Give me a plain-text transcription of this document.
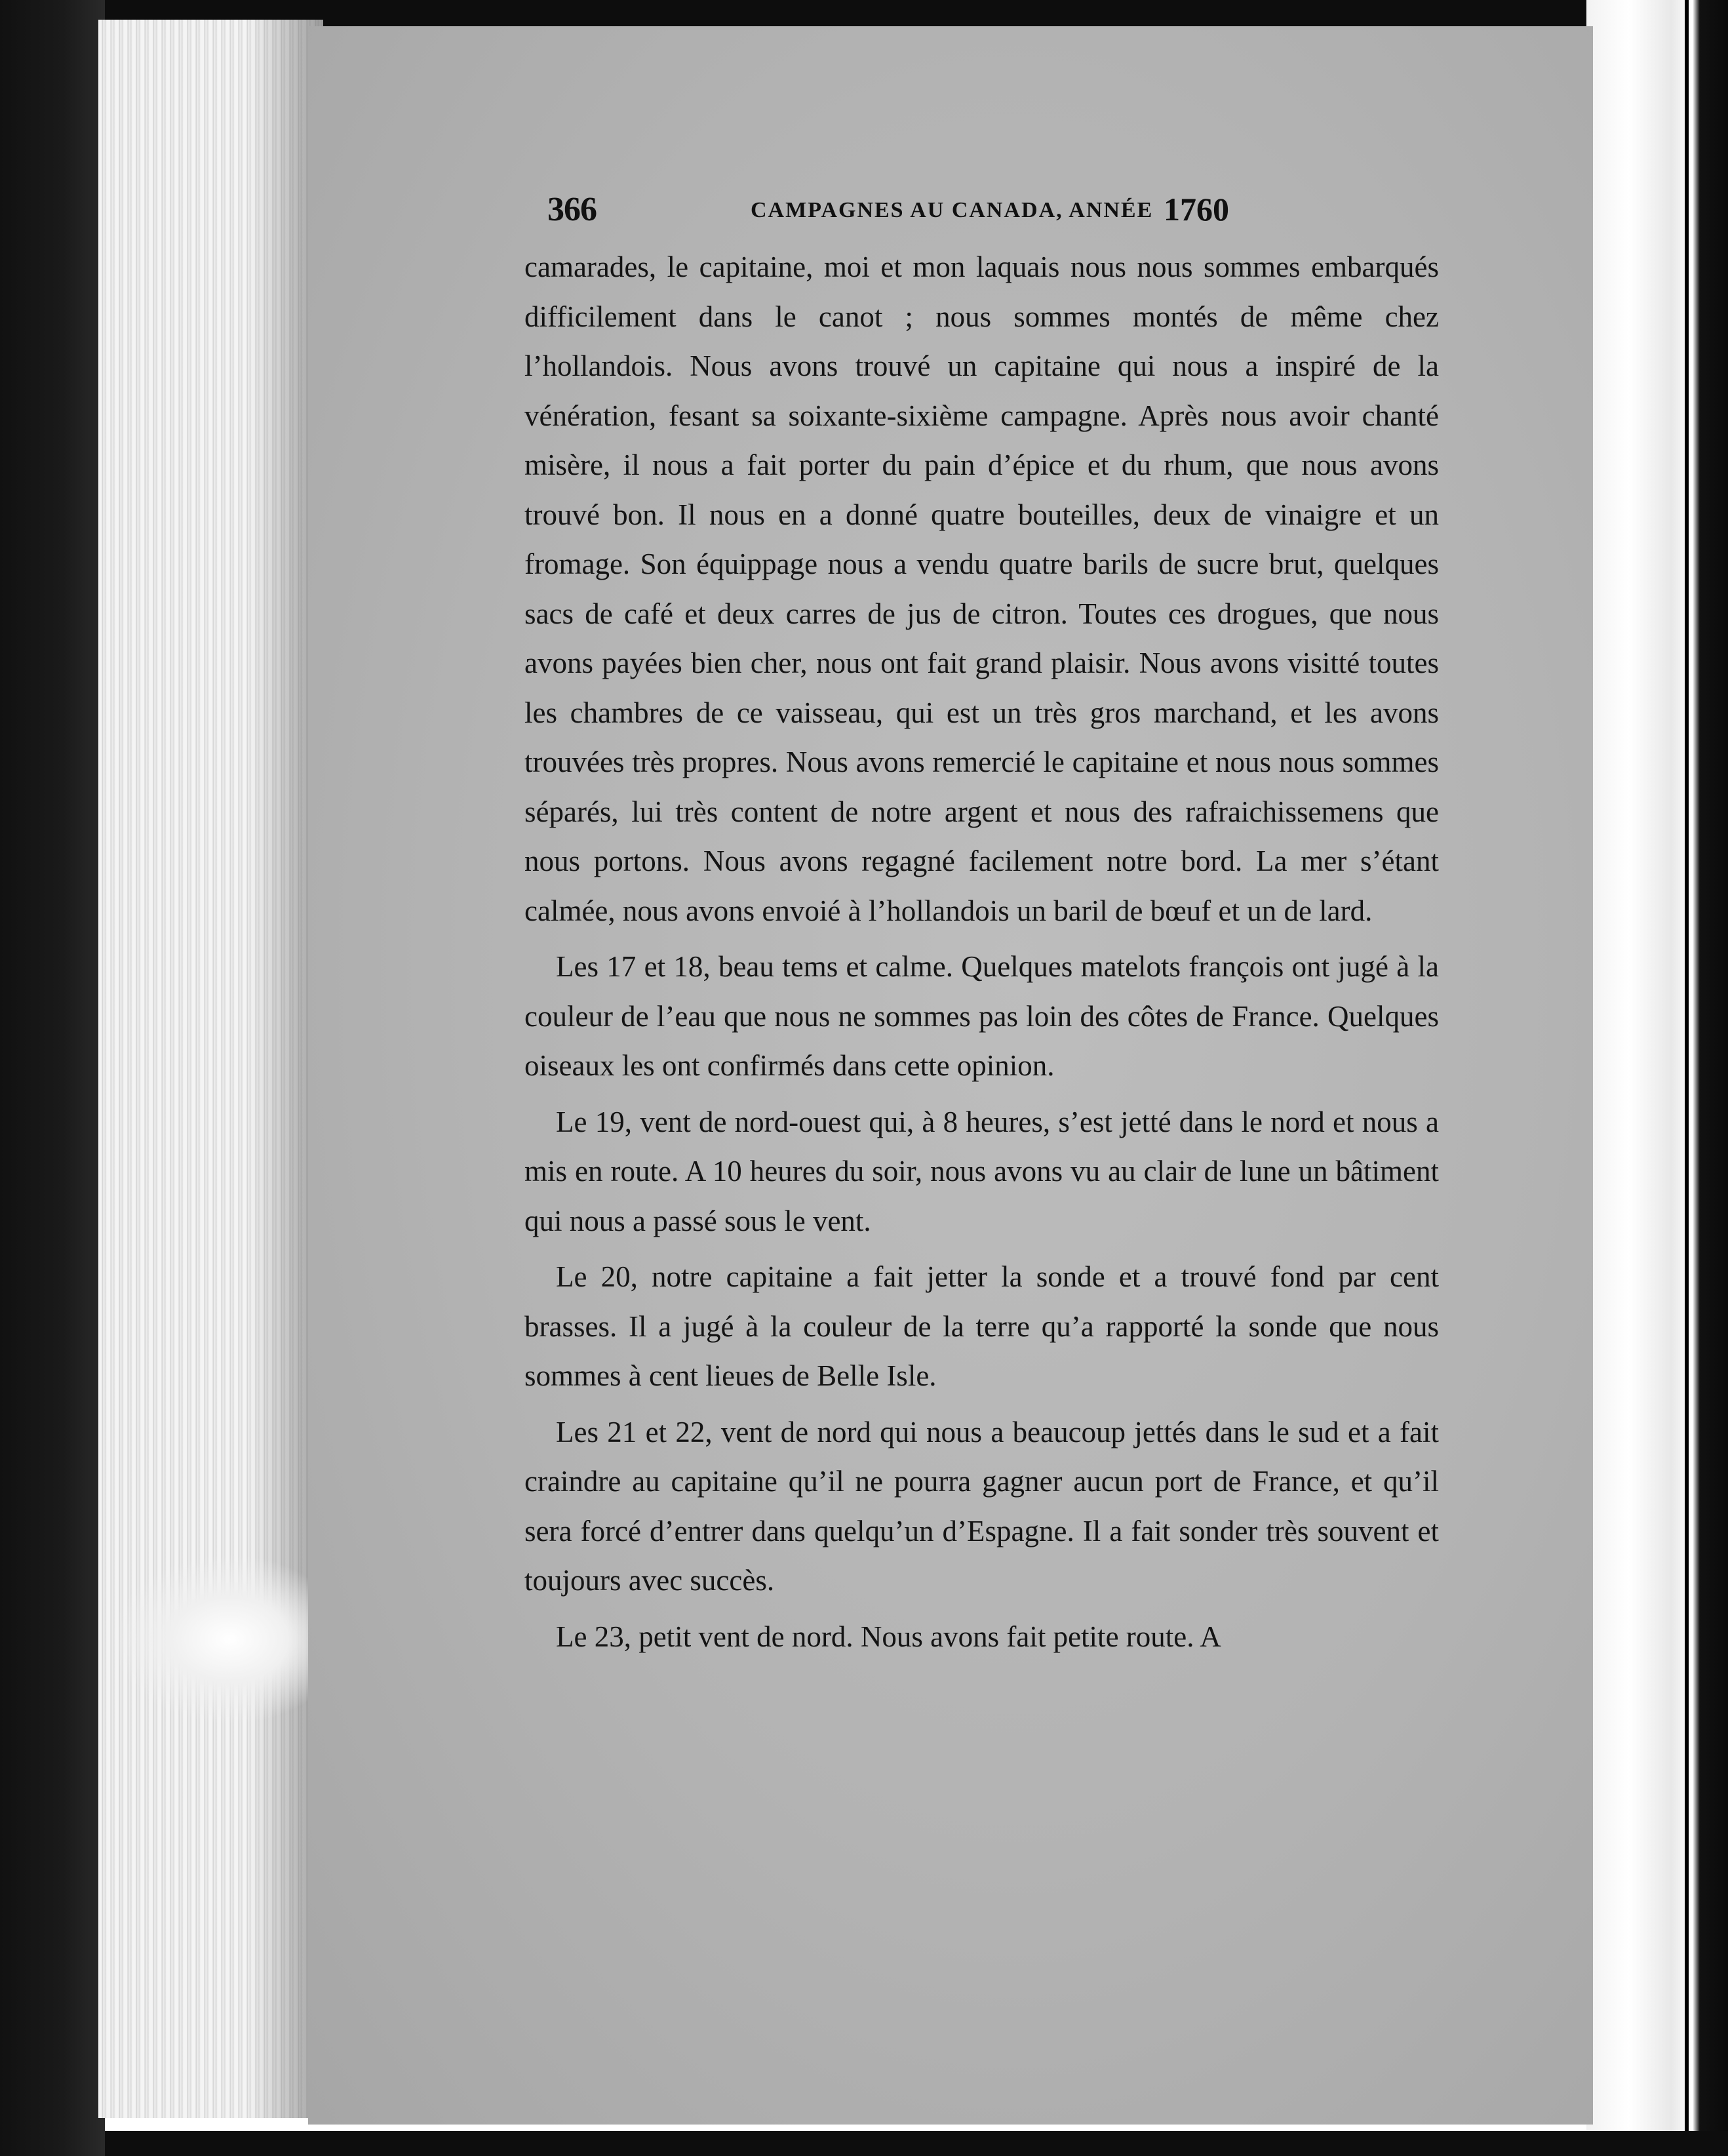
366	CAMPAGNES AU CANADA, ANNÉE 1760

camarades, le capitaine, moi et mon laquais nous nous sommes embarqués difficilement dans le canot ; nous sommes montés de même chez l’hollandois. Nous avons trouvé un capitaine qui nous a inspiré de la vénération, fesant sa soixante-sixième campagne. Après nous avoir chanté misère, il nous a fait porter du pain d’épice et du rhum, que nous avons trouvé bon. Il nous en a donné quatre bouteilles, deux de vinaigre et un fromage. Son équippage nous a vendu quatre barils de sucre brut, quelques sacs de café et deux carres de jus de citron. Toutes ces drogues, que nous avons payées bien cher, nous ont fait grand plaisir. Nous avons visitté toutes les chambres de ce vaisseau, qui est un très gros marchand, et les avons trouvées très propres. Nous avons remercié le capitaine et nous nous sommes séparés, lui très content de notre argent et nous des rafraichissemens que nous portons. Nous avons regagné facilement notre bord. La mer s’étant calmée, nous avons envoié à l’hollandois un baril de bœuf et un de lard.

Les 17 et 18, beau tems et calme. Quelques matelots françois ont jugé à la couleur de l’eau que nous ne sommes pas loin des côtes de France. Quelques oiseaux les ont confirmés dans cette opinion.

Le 19, vent de nord-ouest qui, à 8 heures, s’est jetté dans le nord et nous a mis en route. A 10 heures du soir, nous avons vu au clair de lune un bâtiment qui nous a passé sous le vent.

Le 20, notre capitaine a fait jetter la sonde et a trouvé fond par cent brasses. Il a jugé à la couleur de la terre qu’a rapporté la sonde que nous sommes à cent lieues de Belle Isle.

Les 21 et 22, vent de nord qui nous a beaucoup jettés dans le sud et a fait craindre au capitaine qu’il ne pourra gagner aucun port de France, et qu’il sera forcé d’entrer dans quelqu’un d’Espagne. Il a fait sonder très souvent et toujours avec succès.

Le 23, petit vent de nord. Nous avons fait petite route. A
